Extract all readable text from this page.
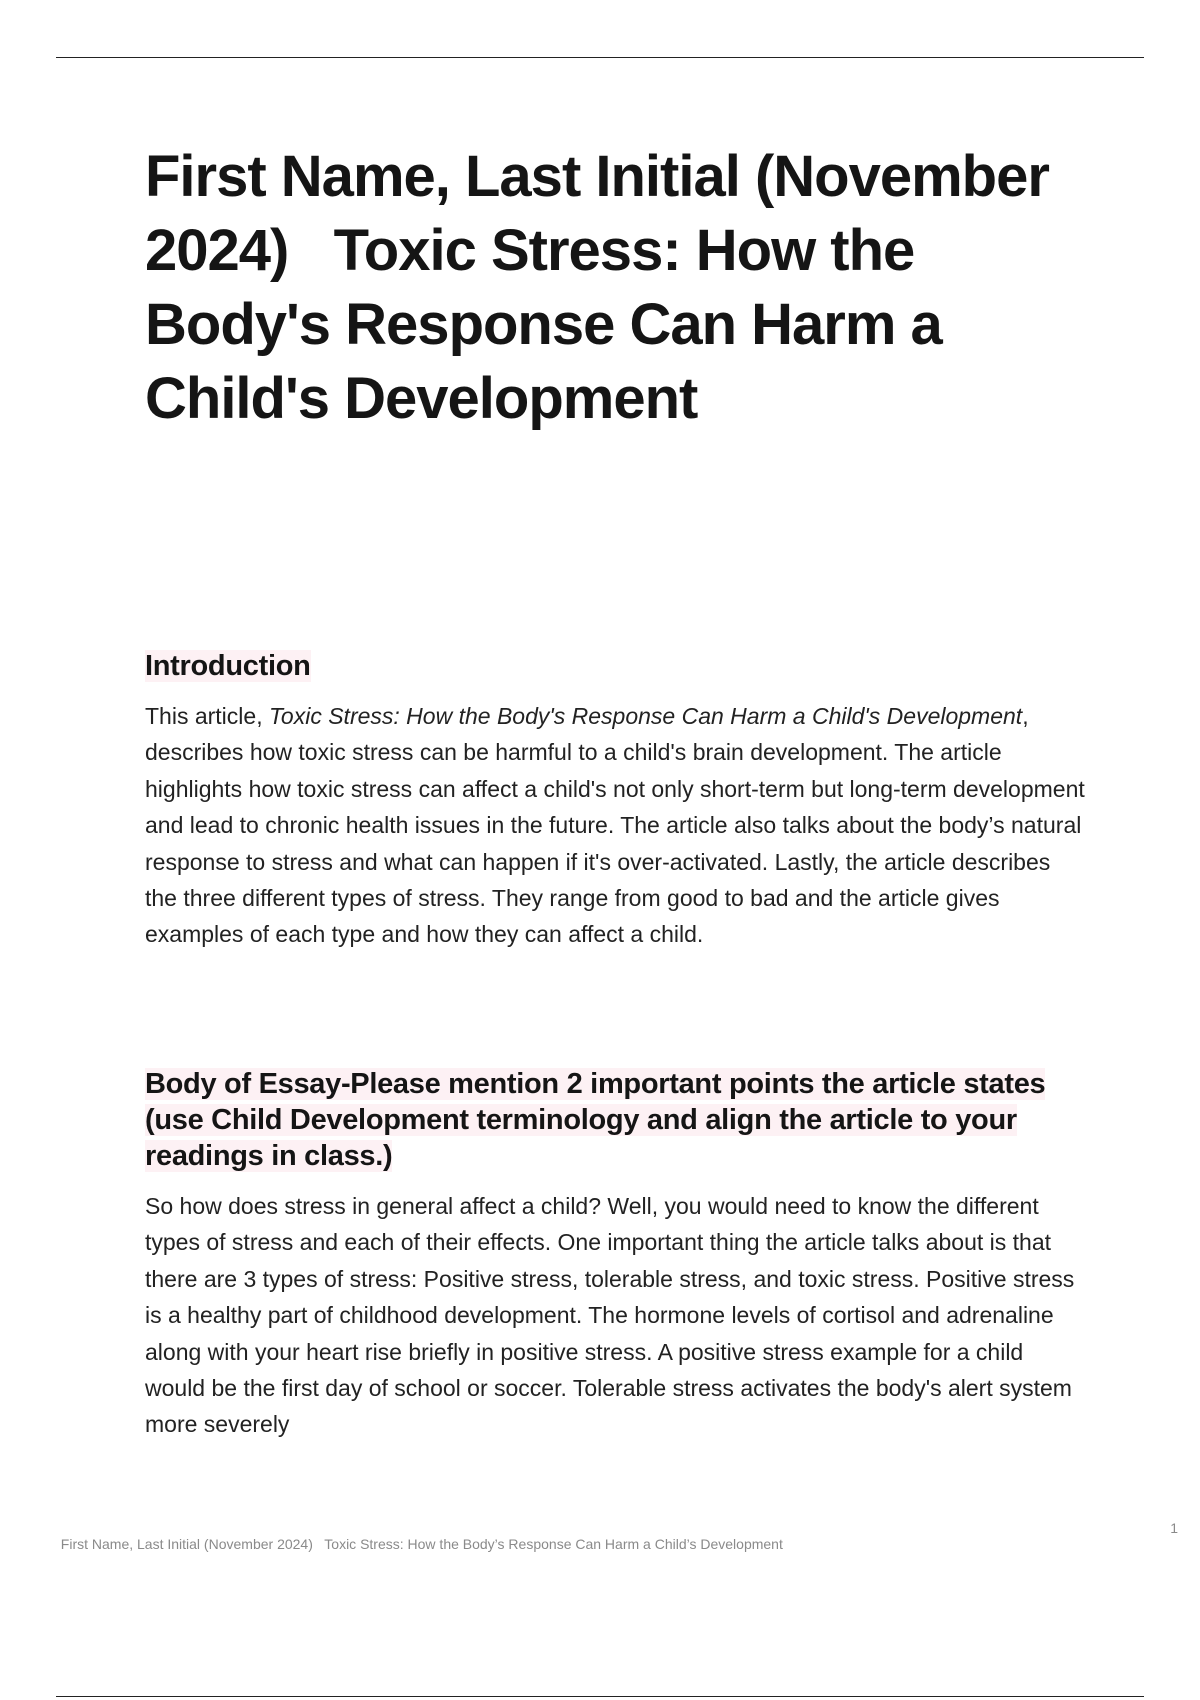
First Name, Last Initial (November 2024)   Toxic Stress: How the Body's Response Can Harm a Child's Development
Introduction

This article, Toxic Stress: How the Body's Response Can Harm a Child's Development, describes how toxic stress can be harmful to a child's brain development. The article highlights how toxic stress can affect a child's not only short-term but long-term development and lead to chronic health issues in the future. The article also talks about the body’s natural response to stress and what can happen if it's over-activated. Lastly, the article describes the three different types of stress. They range from good to bad and the article gives examples of each type and how they can affect a child.

Body of Essay-Please mention 2 important points the article states (use Child Development terminology and align the article to your readings in class.)

So how does stress in general affect a child? Well, you would need to know the different types of stress and each of their effects. One important thing the article talks about is that there are 3 types of stress: Positive stress, tolerable stress, and toxic stress. Positive stress is a healthy part of childhood development. The hormone levels of cortisol and adrenaline along with your heart rise briefly in positive stress. A positive stress example for a child would be the first day of school or soccer. Tolerable stress activates the body's alert system more severely

First Name, Last Initial (November 2024)   Toxic Stress: How the Body’s Response Can Harm a Child’s Development

1
